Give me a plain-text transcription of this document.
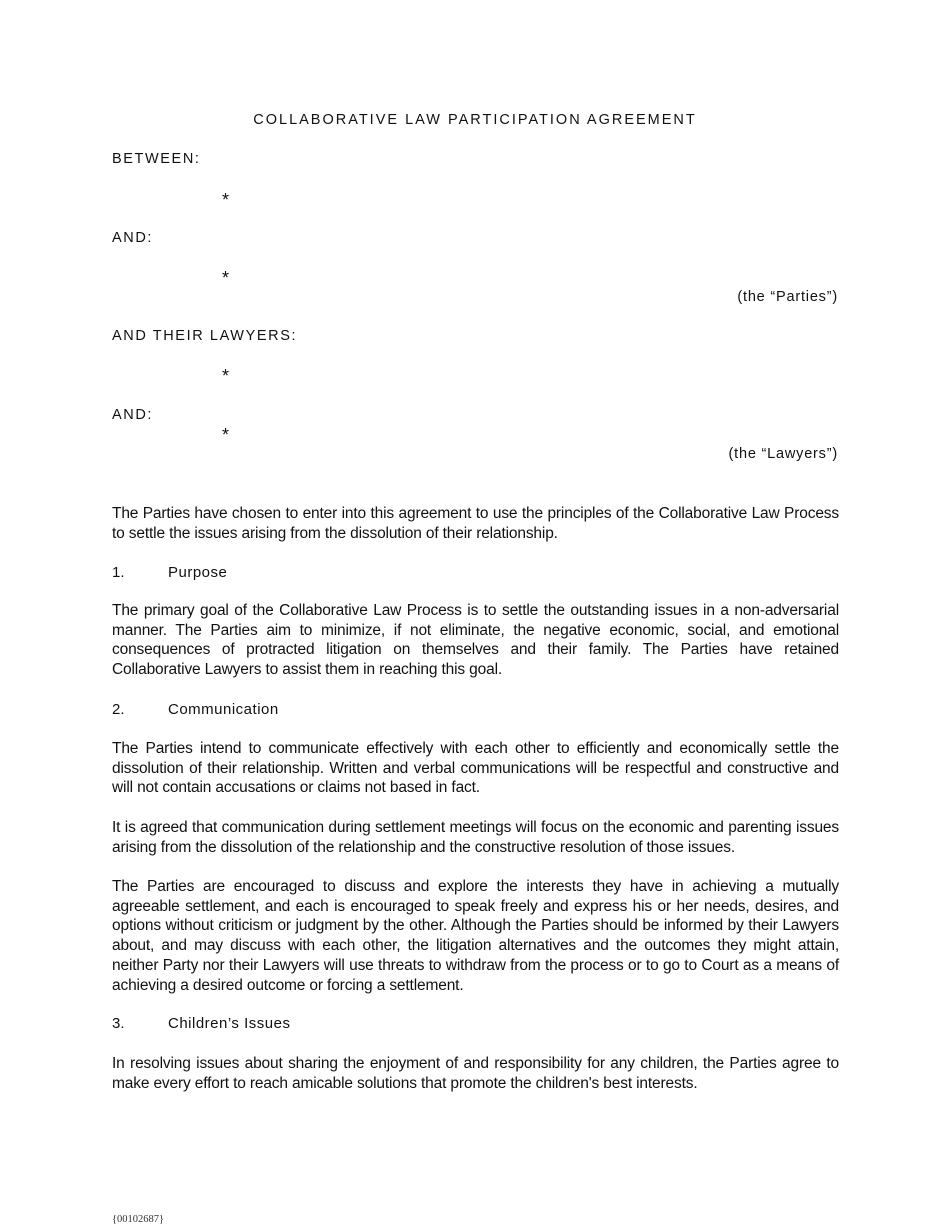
COLLABORATIVE LAW PARTICIPATION AGREEMENT
BETWEEN:
*
AND:
*
(the “Parties”)
AND THEIR LAWYERS:
*
AND:
*
(the “Lawyers”)

The Parties have chosen to enter into this agreement to use the principles of the Collaborative Law Process to settle the issues arising from the dissolution of their relationship.

1.	Purpose

The primary goal of the Collaborative Law Process is to settle the outstanding issues in a non-adversarial manner. The Parties aim to minimize, if not eliminate, the negative economic, social, and emotional consequences of protracted litigation on themselves and their family. The Parties have retained Collaborative Lawyers to assist them in reaching this goal.

2.	Communication

The Parties intend to communicate effectively with each other to efficiently and economically settle the dissolution of their relationship. Written and verbal communications will be respectful and constructive and will not contain accusations or claims not based in fact.

It is agreed that communication during settlement meetings will focus on the economic and parenting issues arising from the dissolution of the relationship and the constructive resolution of those issues.

The Parties are encouraged to discuss and explore the interests they have in achieving a mutually agreeable settlement, and each is encouraged to speak freely and express his or her needs, desires, and options without criticism or judgment by the other. Although the Parties should be informed by their Lawyers about, and may discuss with each other, the litigation alternatives and the outcomes they might attain, neither Party nor their Lawyers will use threats to withdraw from the process or to go to Court as a means of achieving a desired outcome or forcing a settlement.

3.	Children’s Issues

In resolving issues about sharing the enjoyment of and responsibility for any children, the Parties agree to make every effort to reach amicable solutions that promote the children's best interests.

{00102687}
